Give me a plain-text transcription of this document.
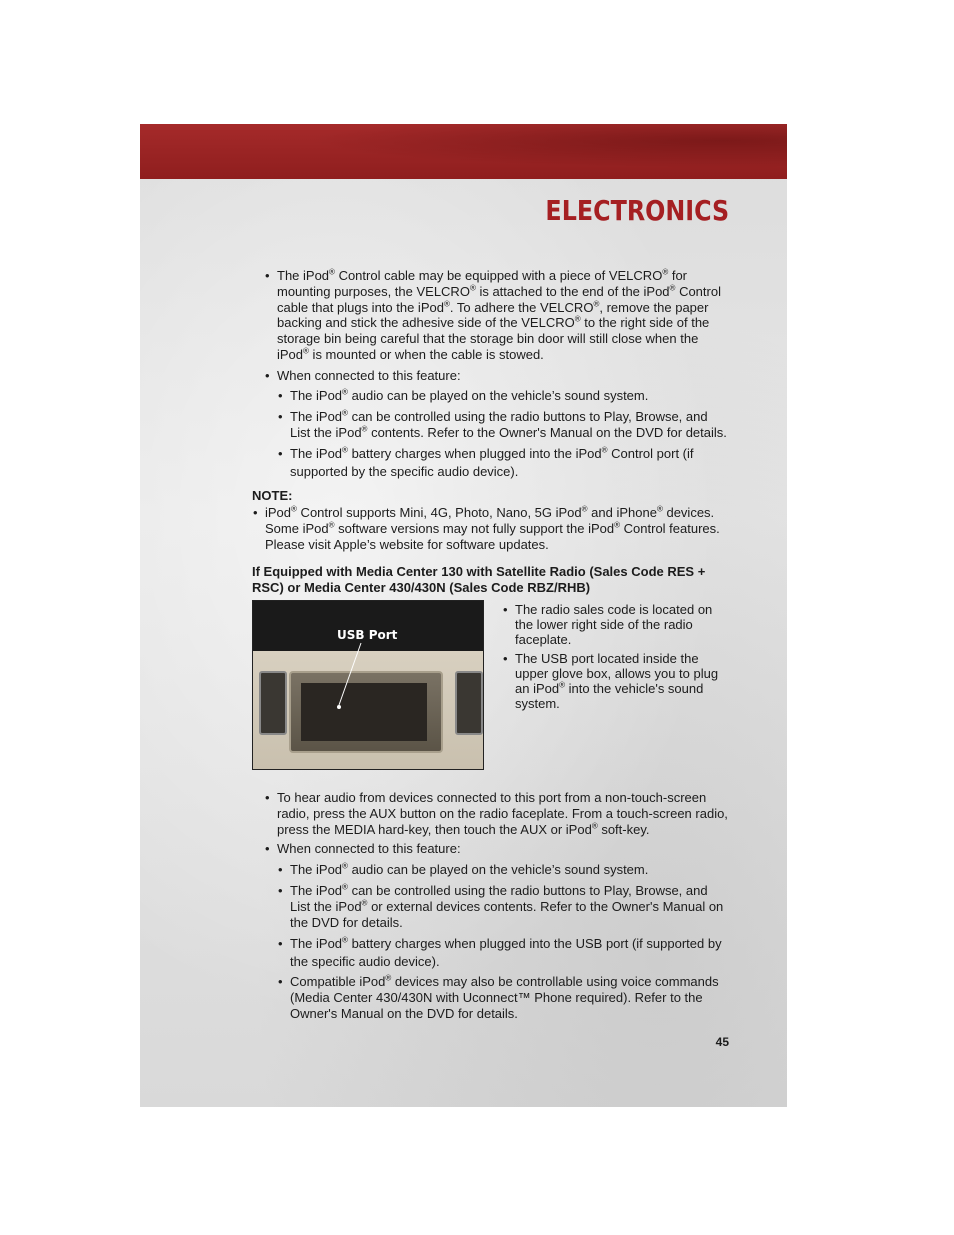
ELECTRONICS
• The iPod® Control cable may be equipped with a piece of VELCRO® for
mounting purposes, the VELCRO® is attached to the end of the iPod® Control
cable that plugs into the iPod®. To adhere the VELCRO®, remove the paper
backing and stick the adhesive side of the VELCRO® to the right side of the
storage bin being careful that the storage bin door will still close when the
iPod® is mounted or when the cable is stowed.
• When connected to this feature:
• The iPod® audio can be played on the vehicle’s sound system.
• The iPod® can be controlled using the radio buttons to Play, Browse, and
List the iPod® contents. Refer to the Owner's Manual on the DVD for details.
• The iPod® battery charges when plugged into the iPod® Control port (if
supported by the specific audio device).
NOTE:
• iPod® Control supports Mini, 4G, Photo, Nano, 5G iPod® and iPhone® devices.
Some iPod® software versions may not fully support the iPod® Control features.
Please visit Apple’s website for software updates.
If Equipped with Media Center 130 with Satellite Radio (Sales Code RES +
RSC) or Media Center 430/430N (Sales Code RBZ/RHB)
USB Port
• The radio sales code is located on
the lower right side of the radio
faceplate.
• The USB port located inside the
upper glove box, allows you to plug
an iPod® into the vehicle's sound
system.
• To hear audio from devices connected to this port from a non-touch-screen
radio, press the AUX button on the radio faceplate. From a touch-screen radio,
press the MEDIA hard-key, then touch the AUX or iPod® soft-key.
• When connected to this feature:
• The iPod® audio can be played on the vehicle’s sound system.
• The iPod® can be controlled using the radio buttons to Play, Browse, and
List the iPod® or external devices contents. Refer to the Owner's Manual on
the DVD for details.
• The iPod® battery charges when plugged into the USB port (if supported by
the specific audio device).
• Compatible iPod® devices may also be controllable using voice commands
(Media Center 430/430N with Uconnect™ Phone required). Refer to the
Owner's Manual on the DVD for details.
45
